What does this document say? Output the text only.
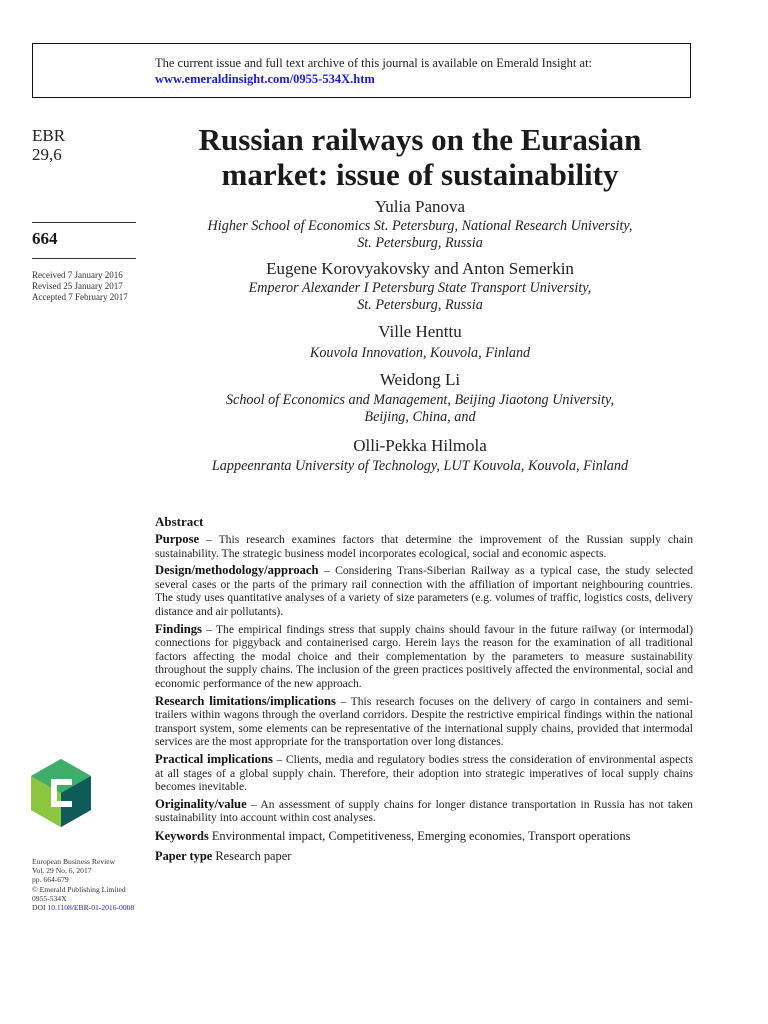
The current issue and full text archive of this journal is available on Emerald Insight at:
www.emeraldinsight.com/0955-534X.htm
EBR
29,6
664
Received 7 January 2016
Revised 25 January 2017
Accepted 7 February 2017
Russian railways on the Eurasian
market: issue of sustainability
Yulia Panova
Higher School of Economics St. Petersburg, National Research University,
St. Petersburg, Russia
Eugene Korovyakovsky and Anton Semerkin
Emperor Alexander I Petersburg State Transport University,
St. Petersburg, Russia
Ville Henttu
Kouvola Innovation, Kouvola, Finland
Weidong Li
School of Economics and Management, Beijing Jiaotong University,
Beijing, China, and
Olli-Pekka Hilmola
Lappeenranta University of Technology, LUT Kouvola, Kouvola, Finland
Abstract

Purpose – This research examines factors that determine the improvement of the Russian supply chain sustainability. The strategic business model incorporates ecological, social and economic aspects.

Design/methodology/approach – Considering Trans-Siberian Railway as a typical case, the study selected several cases or the parts of the primary rail connection with the affiliation of important neighbouring countries. The study uses quantitative analyses of a variety of size parameters (e.g. volumes of traffic, logistics costs, delivery distance and air pollutants).

Findings – The empirical findings stress that supply chains should favour in the future railway (or intermodal) connections for piggyback and containerised cargo. Herein lays the reason for the examination of all traditional factors affecting the modal choice and their complementation by the parameters to measure sustainability throughout the supply chains. The inclusion of the green practices positively affected the environmental, social and economic performance of the new approach.

Research limitations/implications – This research focuses on the delivery of cargo in containers and semi-trailers within wagons through the overland corridors. Despite the restrictive empirical findings within the national transport system, some elements can be representative of the international supply chains, provided that intermodal services are the most appropriate for the transportation over long distances.

Practical implications – Clients, media and regulatory bodies stress the consideration of environmental aspects at all stages of a global supply chain. Therefore, their adoption into strategic imperatives of local supply chains becomes inevitable.

Originality/value – An assessment of supply chains for longer distance transportation in Russia has not taken sustainability into account within cost analyses.

Keywords Environmental impact, Competitiveness, Emerging economies, Transport operations
Paper type Research paper
European Business Review
Vol. 29 No. 6, 2017
pp. 664-679
© Emerald Publishing Limited
0955-534X
DOI 10.1108/EBR-01-2016-0008
